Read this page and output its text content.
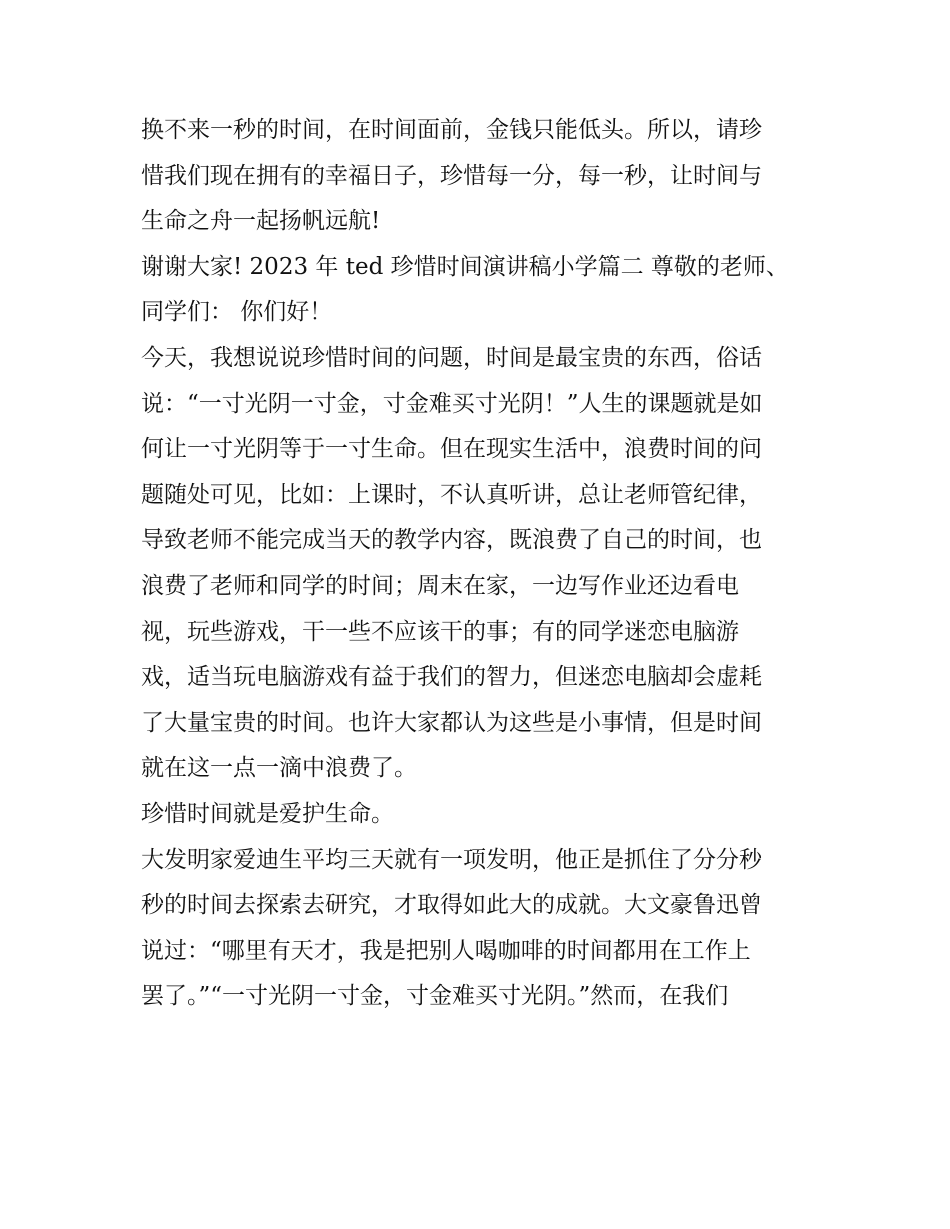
换不来一秒的时间，在时间面前，金钱只能低头。所以，请珍
惜我们现在拥有的幸福日子，珍惜每一分，每一秒，让时间与
生命之舟一起扬帆远航!
谢谢大家! 2023 年 ted 珍惜时间演讲稿小学篇二 尊敬的老师、
同学们： 你们好！
今天，我想说说珍惜时间的问题，时间是最宝贵的东西，俗话
说：“一寸光阴一寸金，寸金难买寸光阴！”人生的课题就是如
何让一寸光阴等于一寸生命。但在现实生活中，浪费时间的问
题随处可见，比如：上课时，不认真听讲，总让老师管纪律，
导致老师不能完成当天的教学内容，既浪费了自己的时间，也
浪费了老师和同学的时间；周末在家，一边写作业还边看电
视，玩些游戏，干一些不应该干的事；有的同学迷恋电脑游
戏，适当玩电脑游戏有益于我们的智力，但迷恋电脑却会虚耗
了大量宝贵的时间。也许大家都认为这些是小事情，但是时间
就在这一点一滴中浪费了。
珍惜时间就是爱护生命。
大发明家爱迪生平均三天就有一项发明，他正是抓住了分分秒
秒的时间去探索去研究，才取得如此大的成就。大文豪鲁迅曾
说过：“哪里有天才，我是把别人喝咖啡的时间都用在工作上
罢了。”“一寸光阴一寸金，寸金难买寸光阴。”然而，在我们
